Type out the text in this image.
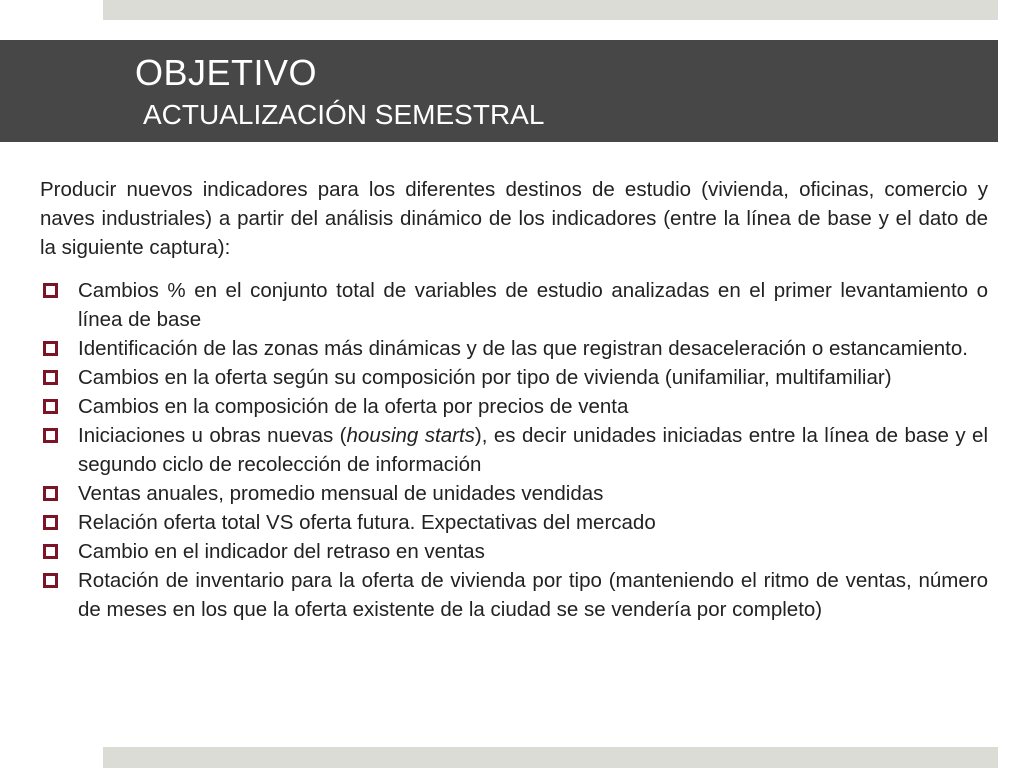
OBJETIVO
ACTUALIZACIÓN SEMESTRAL

Producir nuevos indicadores para los diferentes destinos de estudio (vivienda, oficinas, comercio y naves industriales) a partir del análisis dinámico de los indicadores (entre la línea de base y el dato de la siguiente captura):

Cambios % en el conjunto total de variables de estudio analizadas en el primer levantamiento o línea de base
Identificación de las zonas más dinámicas y de las que registran desaceleración o estancamiento.
Cambios en la oferta según su composición por tipo de vivienda (unifamiliar, multifamiliar)
Cambios en la composición de la oferta por precios de venta
Iniciaciones u obras nuevas (housing starts), es decir unidades iniciadas entre la línea de base y el segundo ciclo de recolección de información
Ventas anuales, promedio mensual de unidades vendidas
Relación oferta total VS oferta futura. Expectativas del mercado
Cambio en el indicador del retraso en ventas
Rotación de inventario para la oferta de vivienda por tipo (manteniendo el ritmo de ventas, número de meses en los que la oferta existente de la ciudad se se vendería por completo)
